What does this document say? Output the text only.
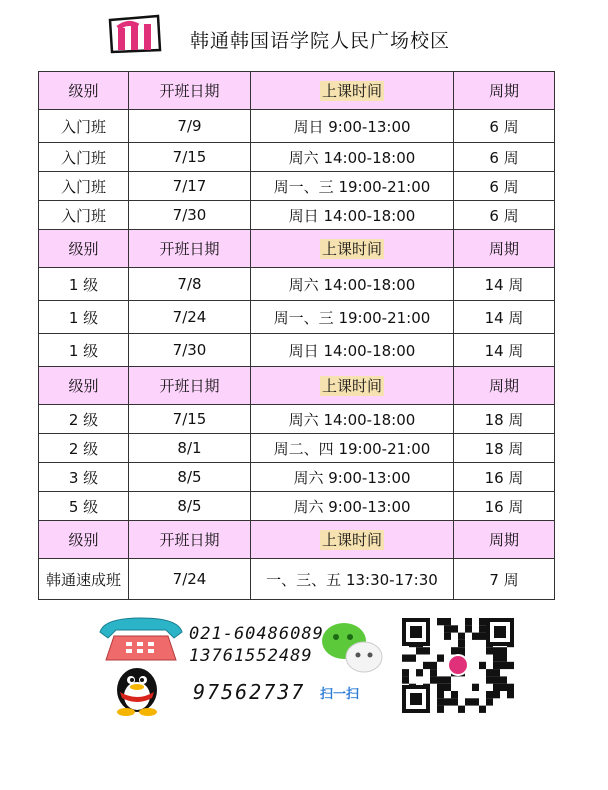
韩通韩国语学院人民广场校区
级别	开班日期	上课时间	周期
入门班	7/9	周日 9:00-13:00	6 周
入门班	7/15	周六 14:00-18:00	6 周
入门班	7/17	周一、三 19:00-21:00	6 周
入门班	7/30	周日 14:00-18:00	6 周
级别	开班日期	上课时间	周期
1 级	7/8	周六 14:00-18:00	14 周
1 级	7/24	周一、三 19:00-21:00	14 周
1 级	7/30	周日 14:00-18:00	14 周
级别	开班日期	上课时间	周期
2 级	7/15	周六 14:00-18:00	18 周
2 级	8/1	周二、四 19:00-21:00	18 周
3 级	8/5	周六 9:00-13:00	16 周
5 级	8/5	周六 9:00-13:00	16 周
级别	开班日期	上课时间	周期
韩通速成班	7/24	一、三、五 13:30-17:30	7 周
021-60486089
13761552489
97562737 扫一扫
